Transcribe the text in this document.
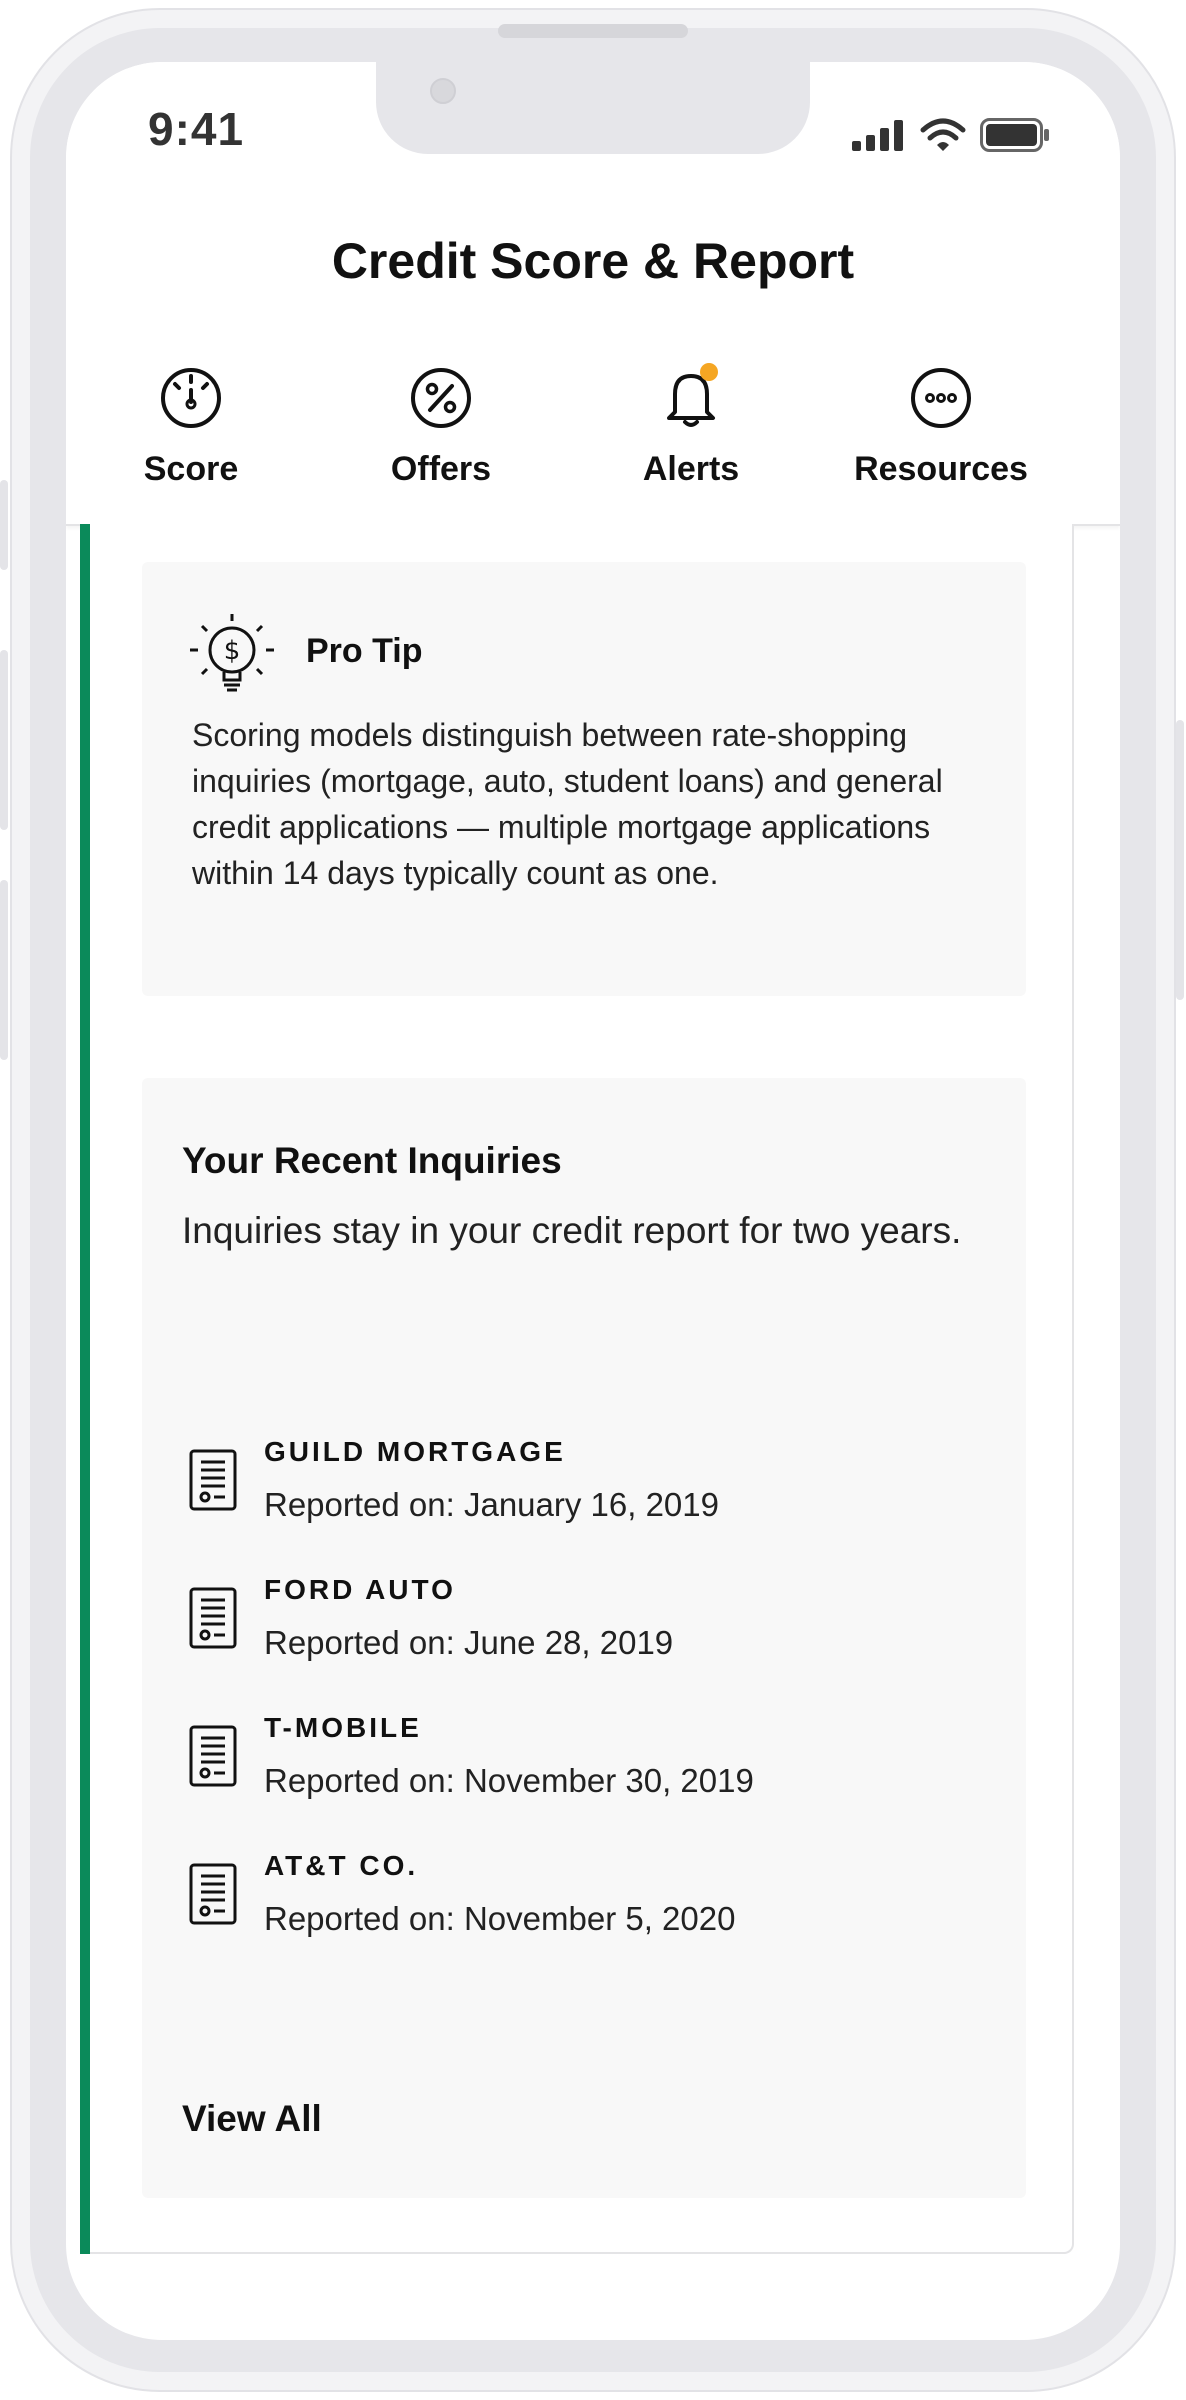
Credit Score & Report
Score	Offers	Alerts	Resources
9:41
$ Pro Tip
Scoring models distinguish between rate-shopping inquiries (mortgage, auto, student loans) and general credit applications — multiple mortgage applications within 14 days typically count as one.
Your Recent Inquiries
Inquiries stay in your credit report for two years.
GUILD MORTGAGE
Reported on: January 16, 2019
FORD AUTO
Reported on: June 28, 2019
T-MOBILE
Reported on: November 30, 2019
AT&T CO.
Reported on: November 5, 2020
View All
